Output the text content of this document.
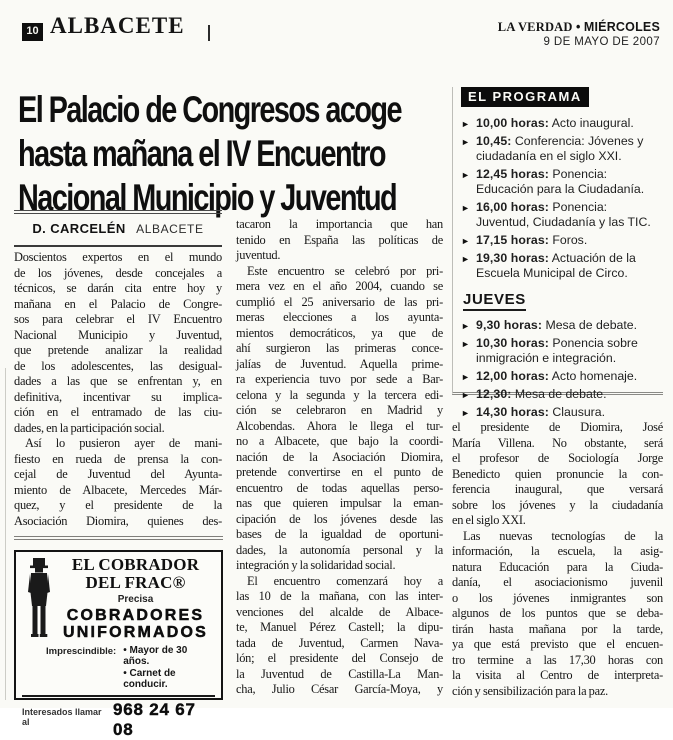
10 ALBACETE	LA VERDAD • MIÉRCOLES
9 DE MAYO DE 2007
El Palacio de Congresos acoge
hasta mañana el IV Encuentro
Nacional Municipio y Juventud
D. CARCELÉN ALBACETE
Doscientos expertos en el mundo
de los jóvenes, desde concejales a
técnicos, se darán cita entre hoy y
mañana en el Palacio de Congre-
sos para celebrar el IV Encuentro
Nacional Municipio y Juventud,
que pretende analizar la realidad
de los adolescentes, las desigual-
dades a las que se enfrentan y, en
definitiva, incentivar su implica-
ción en el entramado de las ciu-
dades, en la participación social.
Así lo pusieron ayer de mani-
fiesto en rueda de prensa la con-
cejal de Juventud del Ayunta-
miento de Albacete, Mercedes Már-
quez, y el presidente de la
Asociación Diomira, quienes des-
tacaron la importancia que han
tenido en España las políticas de
juventud.
Este encuentro se celebró por pri-
mera vez en el año 2004, cuando se
cumplió el 25 aniversario de las pri-
meras elecciones a los ayunta-
mientos democráticos, ya que de
ahí surgieron las primeras conce-
jalías de Juventud. Aquella prime-
ra experiencia tuvo por sede a Bar-
celona y la segunda y la tercera edi-
ción se celebraron en Madrid y
Alcobendas. Ahora le llega el tur-
no a Albacete, que bajo la coordi-
nación de la Asociación Diomira,
pretende convertirse en el punto de
encuentro de todas aquellas perso-
nas que quieren impulsar la eman-
cipación de los jóvenes desde las
bases de la igualdad de oportuni-
dades, la autonomía personal y la
integración y la solidaridad social.
El encuentro comenzará hoy a
las 10 de la mañana, con las inter-
venciones del alcalde de Albace-
te, Manuel Pérez Castell; la dipu-
tada de Juventud, Carmen Nava-
lón; el presidente del Consejo de
la Juventud de Castilla-La Man-
cha, Julio César García-Moya, y
el presidente de Diomira, José
María Villena. No obstante, será
el profesor de Sociología Jorge
Benedicto quien pronuncie la con-
ferencia inaugural, que versará
sobre los jóvenes y la ciudadanía
en el siglo XXI.
Las nuevas tecnologías de la
información, la escuela, la asig-
natura Educación para la Ciuda-
danía, el asociacionismo juvenil
o los jóvenes inmigrantes son
algunos de los puntos que se deba-
tirán hasta mañana por la tarde,
ya que está previsto que el encuen-
tro termine a las 17,30 horas con
la visita al Centro de interpreta-
ción y sensibilización para la paz.
EL PROGRAMA
► 10,00 horas: Acto inaugural.
► 10,45: Conferencia: Jóvenes y ciudadanía en el siglo XXI.
► 12,45 horas: Ponencia: Educación para la Ciudadanía.
► 16,00 horas: Ponencia: Juventud, Ciudadanía y las TIC.
► 17,15 horas: Foros.
► 19,30 horas: Actuación de la Escuela Municipal de Circo.
JUEVES
► 9,30 horas: Mesa de debate.
► 10,30 horas: Ponencia sobre inmigración e integración.
► 12,00 horas: Acto homenaje.
► 12,30: Mesa de debate.
► 14,30 horas: Clausura.
EL COBRADOR
DEL FRAC®
Precisa
COBRADORES
UNIFORMADOS
Imprescindible: • Mayor de 30 años.
• Carnet de conducir.
Interesados llamar al
968 24 67 08
